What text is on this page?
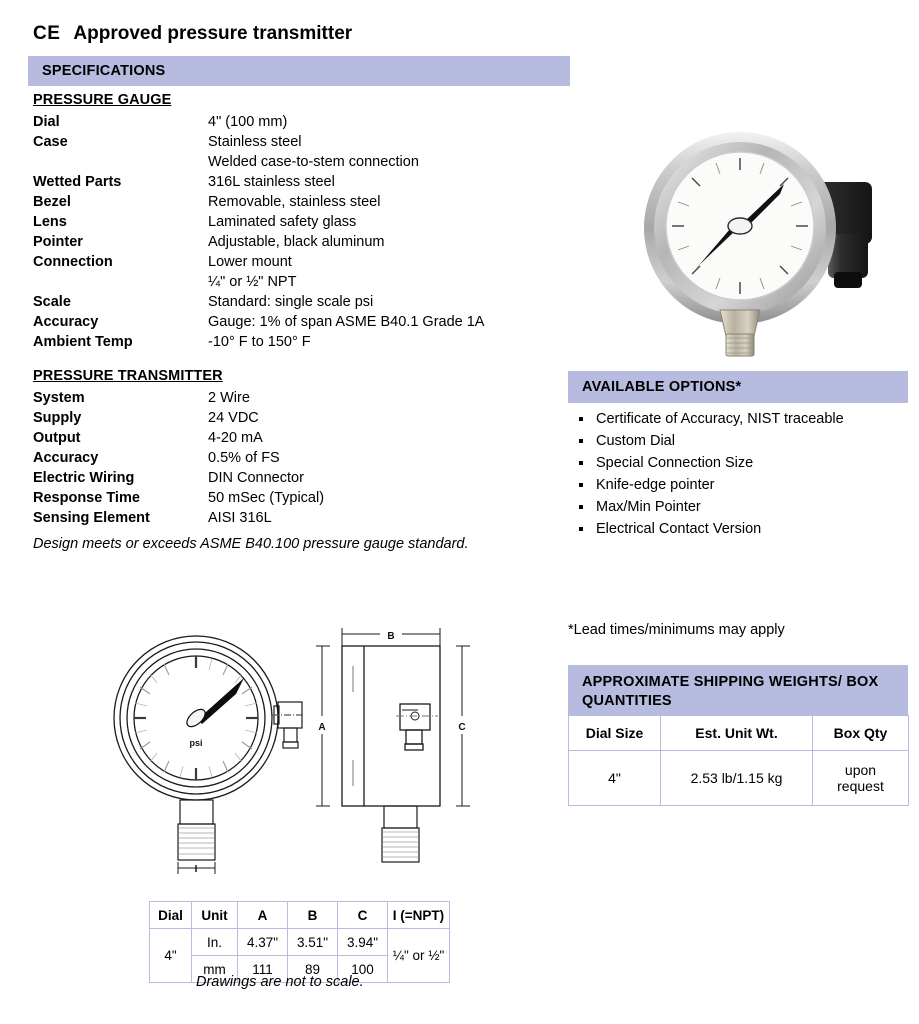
CE Approved pressure transmitter
SPECIFICATIONS
AVAILABLE OPTIONS*
APPROXIMATE SHIPPING WEIGHTS/ BOX QUANTITIES
PRESSURE GAUGE
Dial	4" (100 mm)
Case	Stainless steel
Welded case-to-stem connection
Wetted Parts	316L stainless steel
Bezel	Removable, stainless steel
Lens	Laminated safety glass
Pointer	Adjustable, black aluminum
Connection	Lower mount
¼" or ½" NPT
Scale	Standard: single scale psi
Accuracy	Gauge: 1% of span ASME B40.1 Grade 1A
Ambient Temp	-10° F to 150° F
PRESSURE TRANSMITTER
System	2 Wire
Supply	24 VDC
Output	4-20 mA
Accuracy	0.5% of FS
Electric Wiring	DIN Connector
Response Time	50 mSec (Typical)
Sensing Element	AISI 316L
Design meets or exceeds ASME B40.100 pressure gauge standard.
Certificate of Accuracy, NIST traceable
Custom Dial
Special Connection Size
Knife-edge pointer
Max/Min Pointer
Electrical Contact Version
*Lead times/minimums may apply
Dial Size	Est. Unit Wt.	Box Qty
4"	2.53 lb/1.15 kg	upon
request
Dial	Unit	A	B	C	I (=NPT)
4"	In.	4.37"	3.51"	3.94"	¼" or ½"
	mm	111	89	100	
Drawings are not to scale.
psi
I
B
A	C
